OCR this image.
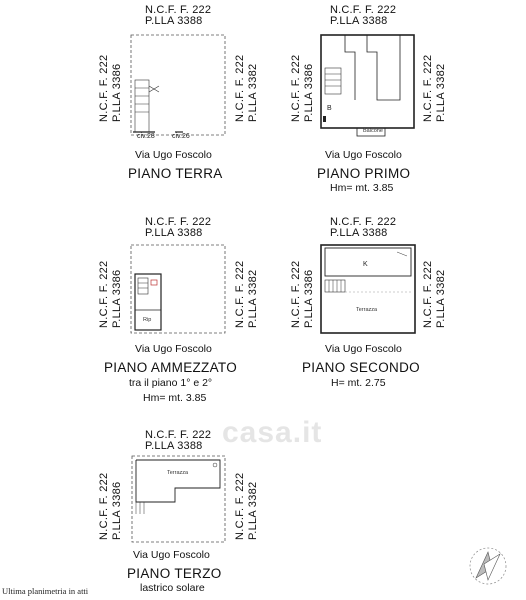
N.C.F. F. 222
P.LLA 3388
N.C.F. F. 222 P.LLA 3386	N.C.F. F. 222 P.LLA 3382
civ.28 civ.26
Via Ugo Foscolo
PIANO TERRA
N.C.F. F. 222
P.LLA 3388
N.C.F. F. 222 P.LLA 3386	N.C.F. F. 222 P.LLA 3382
B
Balcone
Via Ugo Foscolo
PIANO PRIMO
Hm= mt. 3.85
N.C.F. F. 222
P.LLA 3388
N.C.F. F. 222 P.LLA 3386	N.C.F. F. 222 P.LLA 3382
Rip
Via Ugo Foscolo
PIANO AMMEZZATO
tra il piano 1° e 2°
Hm= mt. 3.85
N.C.F. F. 222
P.LLA 3388
N.C.F. F. 222 P.LLA 3386	N.C.F. F. 222 P.LLA 3382
K
Terrazza
Via Ugo Foscolo
PIANO SECONDO
H= mt. 2.75
N.C.F. F. 222
P.LLA 3388
N.C.F. F. 222 P.LLA 3386	N.C.F. F. 222 P.LLA 3382
Terrazza
Via Ugo Foscolo
PIANO TERZO
lastrico solare
casa.it
Ultima planimetria in atti
